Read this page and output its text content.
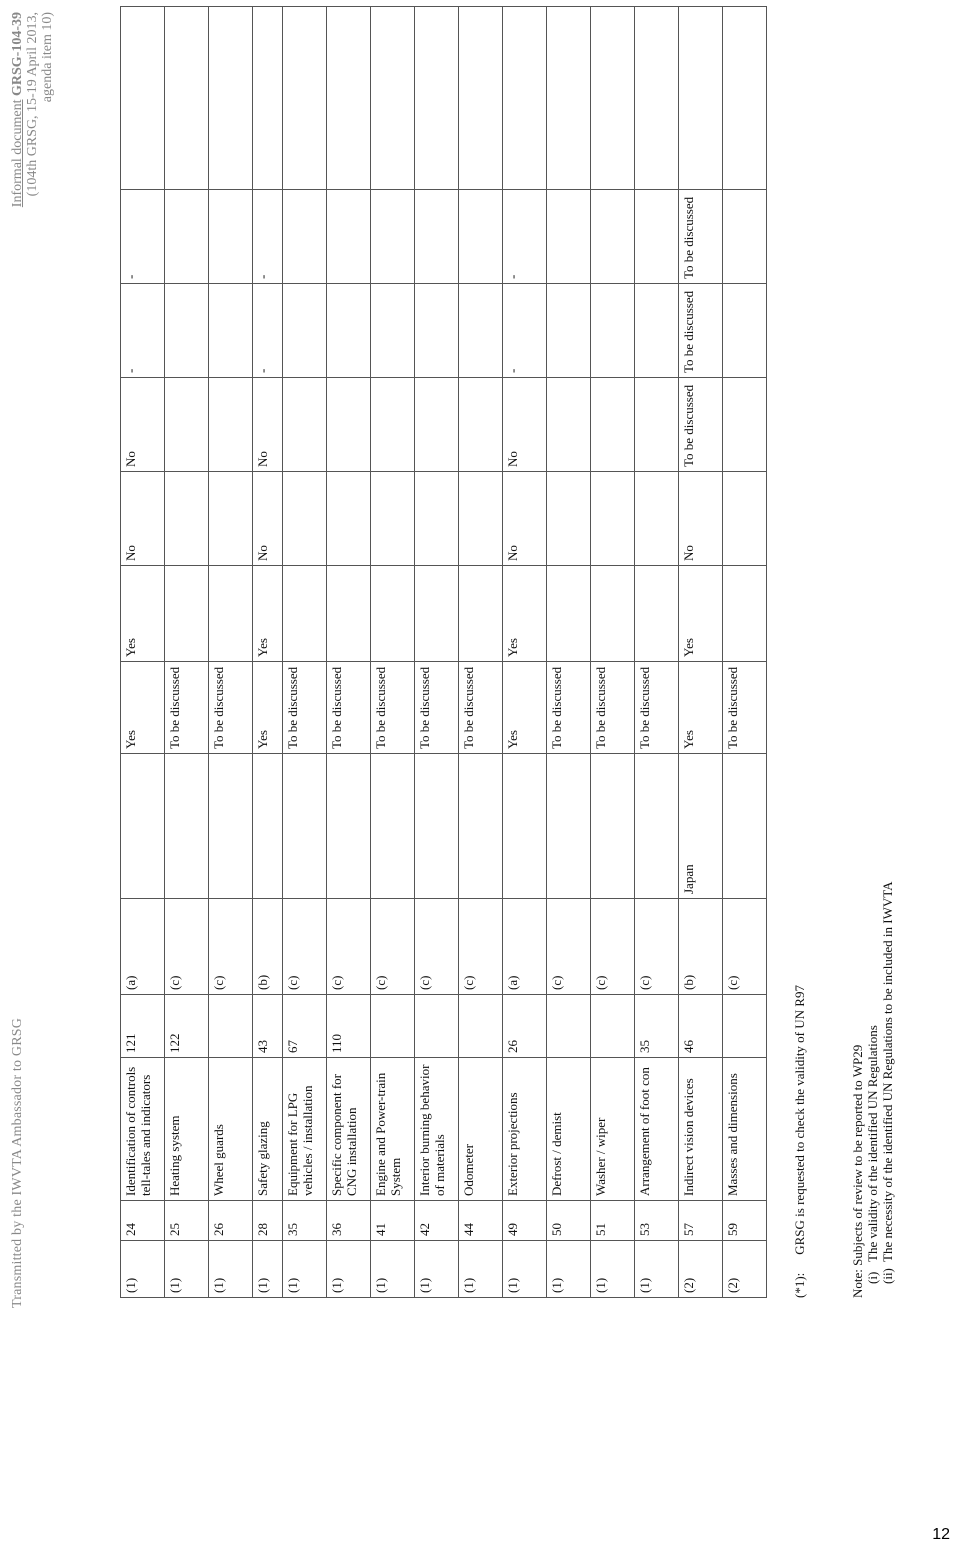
Transmitted by the IWVTA Ambassador to GRSG
Informal document GRSG-104-39
(104th GRSG, 15-19 April 2013,
agenda item 10)
(1)	24	Identification of controls tell-tales and indicators	121	(a)		Yes	Yes	No	No	-	-	
(1)	25	Heating system	122	(c)		To be discussed						
(1)	26	Wheel guards		(c)		To be discussed						
(1)	28	Safety glazing	43	(b)		Yes	Yes	No	No	-	-	
(1)	35	Equipment for LPG vehicles / installation	67	(c)		To be discussed						
(1)	36	Specific component for CNG installation	110	(c)		To be discussed						
(1)	41	Engine and Power-train System		(c)		To be discussed						
(1)	42	Interior burning behavior of materials		(c)		To be discussed						
(1)	44	Odometer		(c)		To be discussed						
(1)	49	Exterior projections	26	(a)		Yes	Yes	No	No	-	-	
(1)	50	Defrost / demist		(c)		To be discussed						
(1)	51	Washer / wiper		(c)		To be discussed						
(1)	53	Arrangement of foot con	35	(c)		To be discussed						
(2)	57	Indirect vision devices	46	(b)	Japan	Yes	Yes	No	To be discussed	To be discussed	To be discussed	
(2)	59	Masses and dimensions		(c)		To be discussed						
(*1): GRSG is requested to check the validity of UN R97	Note: Subjects of review to be reported to WP29 (i)The validity of the identified UN Regulations
(ii)The necessity of the identified UN Regulations to be included in IWVTA
12
